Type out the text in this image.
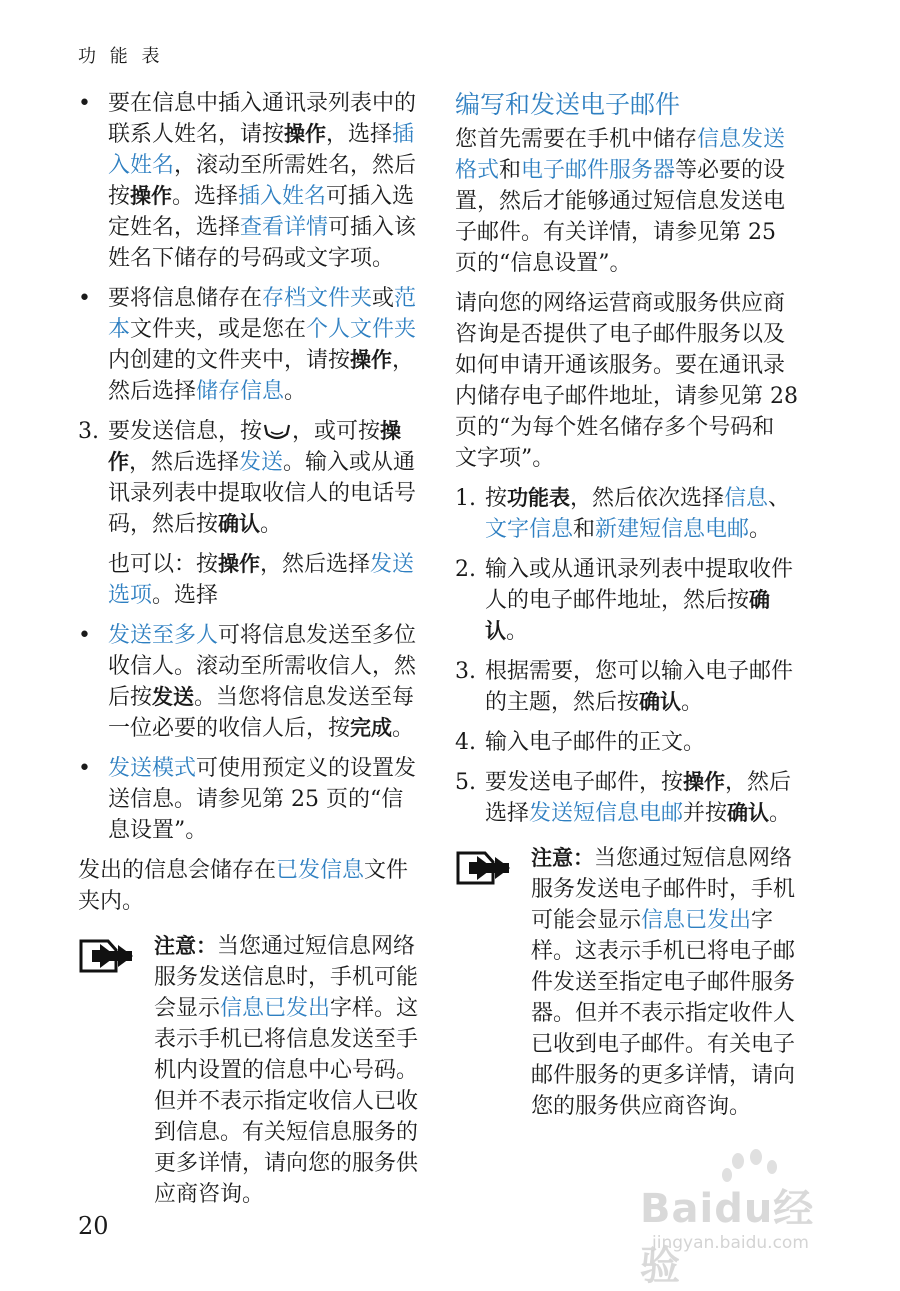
功 能 表
• 要在信息中插入通讯录列表中的联系人姓名，请按操作，选择插入姓名，滚动至所需姓名，然后按操作。选择插入姓名可插入选定姓名，选择查看详情可插入该姓名下储存的号码或文字项。
• 要将信息储存在存档文件夹或范本文件夹，或是您在个人文件夹内创建的文件夹中，请按操作，然后选择储存信息。
3. 要发送信息，按 ，或可按操作，然后选择发送。输入或从通讯录列表中提取收信人的电话号码，然后按确认。
也可以：按操作，然后选择发送选项。选择
• 发送至多人可将信息发送至多位收信人。滚动至所需收信人，然后按发送。当您将信息发送至每一位必要的收信人后，按完成。
• 发送模式可使用预定义的设置发送信息。请参见第 25 页的“信息设置”。
发出的信息会储存在已发信息文件夹内。
注意：当您通过短信息网络服务发送信息时，手机可能会显示信息已发出字样。这表示手机已将信息发送至手机内设置的信息中心号码。但并不表示指定收信人已收到信息。有关短信息服务的更多详情，请向您的服务供应商咨询。
编写和发送电子邮件
您首先需要在手机中储存信息发送格式和电子邮件服务器等必要的设置，然后才能够通过短信息发送电子邮件。有关详情，请参见第 25 页的“信息设置”。
请向您的网络运营商或服务供应商咨询是否提供了电子邮件服务以及如何申请开通该服务。要在通讯录内储存电子邮件地址，请参见第 28 页的“为每个姓名储存多个号码和 文字项”。
1. 按功能表，然后依次选择信息、文字信息和新建短信息电邮。
2. 输入或从通讯录列表中提取收件人的电子邮件地址，然后按确认。
3. 根据需要，您可以输入电子邮件的主题，然后按确认。
4. 输入电子邮件的正文。
5. 要发送电子邮件，按操作，然后选择发送短信息电邮并按确认。
注意：当您通过短信息网络服务发送电子邮件时，手机可能会显示信息已发出字样。这表示手机已将电子邮件发送至指定电子邮件服务器。但并不表示指定收件人已收到电子邮件。有关电子邮件服务的更多详情，请向您的服务供应商咨询。
20	Baidu经验
jingyan.baidu.com
